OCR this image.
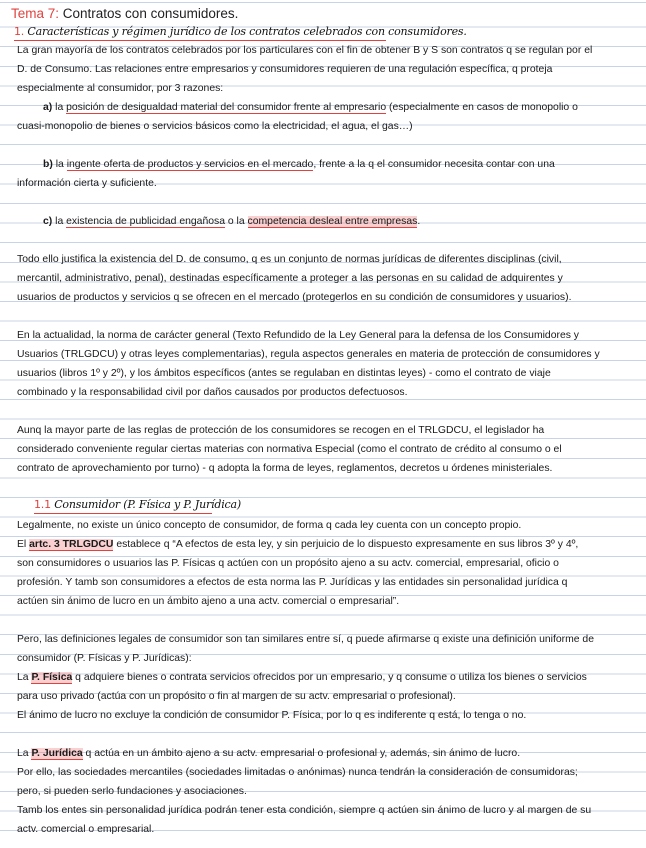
Tema 7: Contratos con consumidores.
1. Características y régimen jurídico de los contratos celebrados con consumidores.
La gran mayoría de los contratos celebrados por los particulares con el fin de obtener B y S son contratos q se regulan por el
D. de Consumo. Las relaciones entre empresarios y consumidores requieren de una regulación específica, q proteja
especialmente al consumidor, por 3 razones:
a) la posición de desigualdad material del consumidor frente al empresario (especialmente en casos de monopolio o
cuasi-monopolio de bienes o servicios básicos como la electricidad, el agua, el gas…)
b) la ingente oferta de productos y servicios en el mercado, frente a la q el consumidor necesita contar con una
información cierta y suficiente.
c) la existencia de publicidad engañosa o la competencia desleal entre empresas.
Todo ello justifica la existencia del D. de consumo, q es un conjunto de normas jurídicas de diferentes disciplinas (civil,
mercantil, administrativo, penal), destinadas específicamente a proteger a las personas en su calidad de adquirentes y
usuarios de productos y servicios q se ofrecen en el mercado (protegerlos en su condición de consumidores y usuarios).
En la actualidad, la norma de carácter general (Texto Refundido de la Ley General para la defensa de los Consumidores y
Usuarios (TRLGDCU) y otras leyes complementarias), regula aspectos generales en materia de protección de consumidores y
usuarios (libros 1º y 2º), y los ámbitos específicos (antes se regulaban en distintas leyes) - como el contrato de viaje
combinado y la responsabilidad civil por daños causados por productos defectuosos.
Aunq la mayor parte de las reglas de protección de los consumidores se recogen en el TRLGDCU, el legislador ha
considerado conveniente regular ciertas materias con normativa Especial (como el contrato de crédito al consumo o el
contrato de aprovechamiento por turno) - q adopta la forma de leyes, reglamentos, decretos u órdenes ministeriales.
1.1 Consumidor (P. Física y P. Jurídica)
Legalmente, no existe un único concepto de consumidor, de forma q cada ley cuenta con un concepto propio.
El artc. 3 TRLGDCU establece q “A efectos de esta ley, y sin perjuicio de lo dispuesto expresamente en sus libros 3º y 4º,
son consumidores o usuarios las P. Físicas q actúen con un propósito ajeno a su actv. comercial, empresarial, oficio o
profesión. Y tamb son consumidores a efectos de esta norma las P. Jurídicas y las entidades sin personalidad jurídica q
actúen sin ánimo de lucro en un ámbito ajeno a una actv. comercial o empresarial”.
Pero, las definiciones legales de consumidor son tan similares entre sí, q puede afirmarse q existe una definición uniforme de
consumidor (P. Físicas y P. Jurídicas):
La P. Física q adquiere bienes o contrata servicios ofrecidos por un empresario, y q consume o utiliza los bienes o servicios
para uso privado (actúa con un propósito o fin al margen de su actv. empresarial o profesional).
El ánimo de lucro no excluye la condición de consumidor P. Física, por lo q es indiferente q está, lo tenga o no.
La P. Jurídica q actúa en un ámbito ajeno a su actv. empresarial o profesional y, además, sin ánimo de lucro.
Por ello, las sociedades mercantiles (sociedades limitadas o anónimas) nunca tendrán la consideración de consumidoras;
pero, si pueden serlo fundaciones y asociaciones.
Tamb los entes sin personalidad jurídica podrán tener esta condición, siempre q actúen sin ánimo de lucro y al margen de su
actv. comercial o empresarial.
